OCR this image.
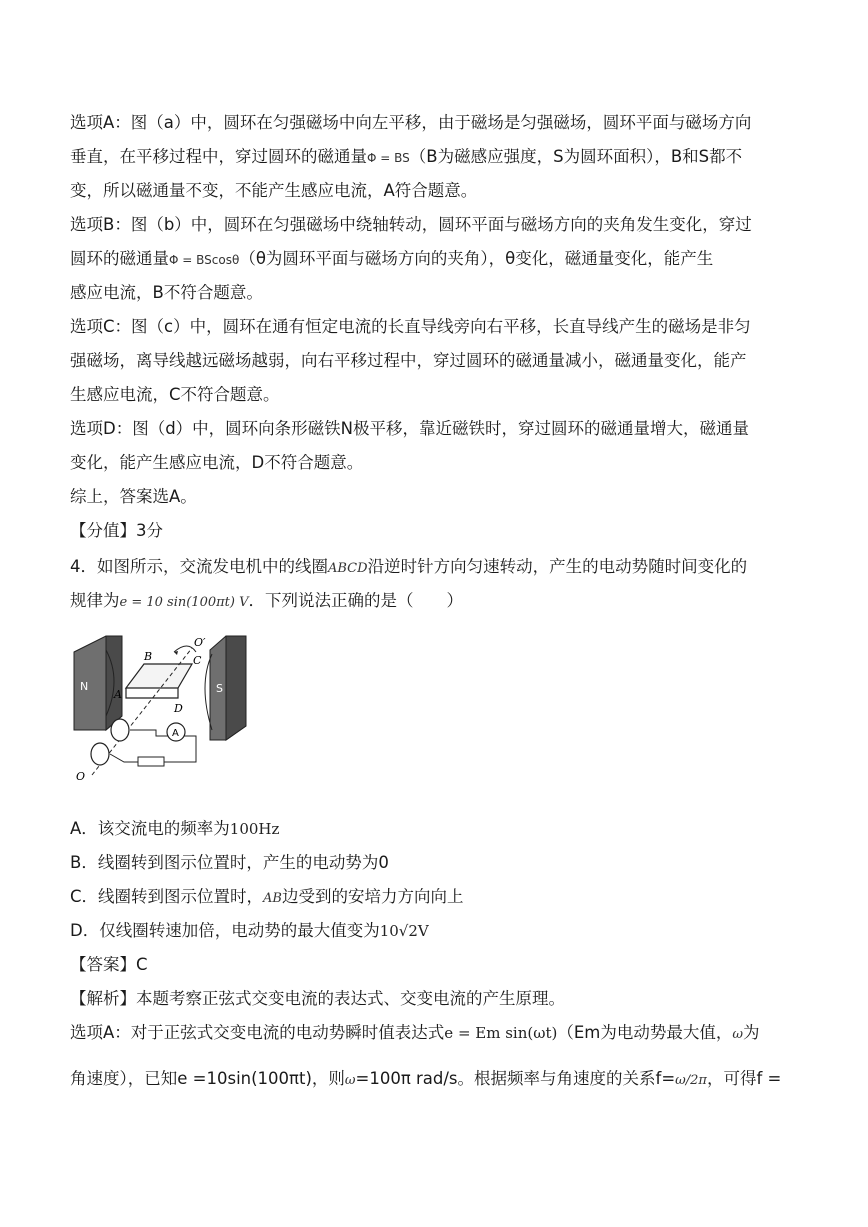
选项A：图（a）中，圆环在匀强磁场中向左平移，由于磁场是匀强磁场，圆环平面与磁场方向
垂直，在平移过程中，穿过圆环的磁通量Φ = BS（B为磁感应强度，S为圆环面积），B和S都不
变，所以磁通量不变，不能产生感应电流，A符合题意。
选项B：图（b）中，圆环在匀强磁场中绕轴转动，圆环平面与磁场方向的夹角发生变化，穿过
圆环的磁通量Φ = BScosθ（θ为圆环平面与磁场方向的夹角），θ变化，磁通量变化，能产生
感应电流，B不符合题意。
选项C：图（c）中，圆环在通有恒定电流的长直导线旁向右平移，长直导线产生的磁场是非匀
强磁场，离导线越远磁场越弱，向右平移过程中，穿过圆环的磁通量减小，磁通量变化，能产
生感应电流，C不符合题意。
选项D：图（d）中，圆环向条形磁铁N极平移，靠近磁铁时，穿过圆环的磁通量增大，磁通量
变化，能产生感应电流，D不符合题意。
综上，答案选A。
【分值】3分
4．如图所示，交流发电机中的线圈ABCD沿逆时针方向匀速转动，产生的电动势随时间变化的
规律为e = 10 sin(100πt) V．下列说法正确的是（　　）
N	S
B	C
A
D
O′
O
A
A．该交流电的频率为100Hz
B．线圈转到图示位置时，产生的电动势为0
C．线圈转到图示位置时，AB边受到的安培力方向向上
D．仅线圈转速加倍，电动势的最大值变为10√2V
【答案】C
【解析】本题考察正弦式交变电流的表达式、交变电流的产生原理。
选项A：对于正弦式交变电流的电动势瞬时值表达式e = Em sin(ωt)（Em为电动势最大值，ω为
角速度），已知e =10sin(100πt)，则ω=100π rad/s。根据频率与角速度的关系f=ω/2π，可得f =
